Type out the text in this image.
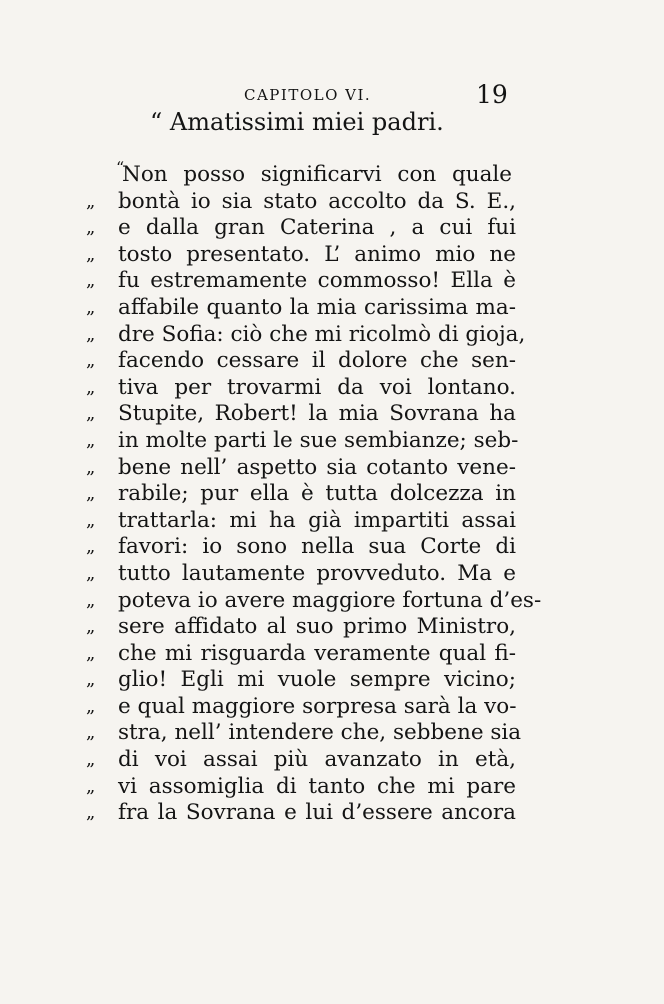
CAPITOLO VI.	19
“ Amatissimi miei padri.
“ Non posso significarvi con quale
„	bontà io sia stato accolto da S. E.,
„	e dalla gran Caterina , a cui fui
„	tosto presentato. L’ animo mio ne
„	fu estremamente commosso! Ella è
„	affabile quanto la mia carissima ma-
„	dre Sofia: ciò che mi ricolmò di gioja,
„	facendo cessare il dolore che sen-
„	tiva per trovarmi da voi lontano.
„	Stupite, Robert! la mia Sovrana ha
„	in molte parti le sue sembianze; seb-
„	bene nell’ aspetto sia cotanto vene-
„	rabile; pur ella è tutta dolcezza in
„	trattarla: mi ha già impartiti assai
„	favori: io sono nella sua Corte di
„	tutto lautamente provveduto. Ma e
„	poteva io avere maggiore fortuna d’es-
„	sere affidato al suo primo Ministro,
„	che mi risguarda veramente qual fi-
„	glio! Egli mi vuole sempre vicino;
„	e qual maggiore sorpresa sarà la vo-
„	stra, nell’ intendere che, sebbene sia
„	di voi assai più avanzato in età,
„	vi assomiglia di tanto che mi pare
„	fra la Sovrana e lui d’essere ancora
